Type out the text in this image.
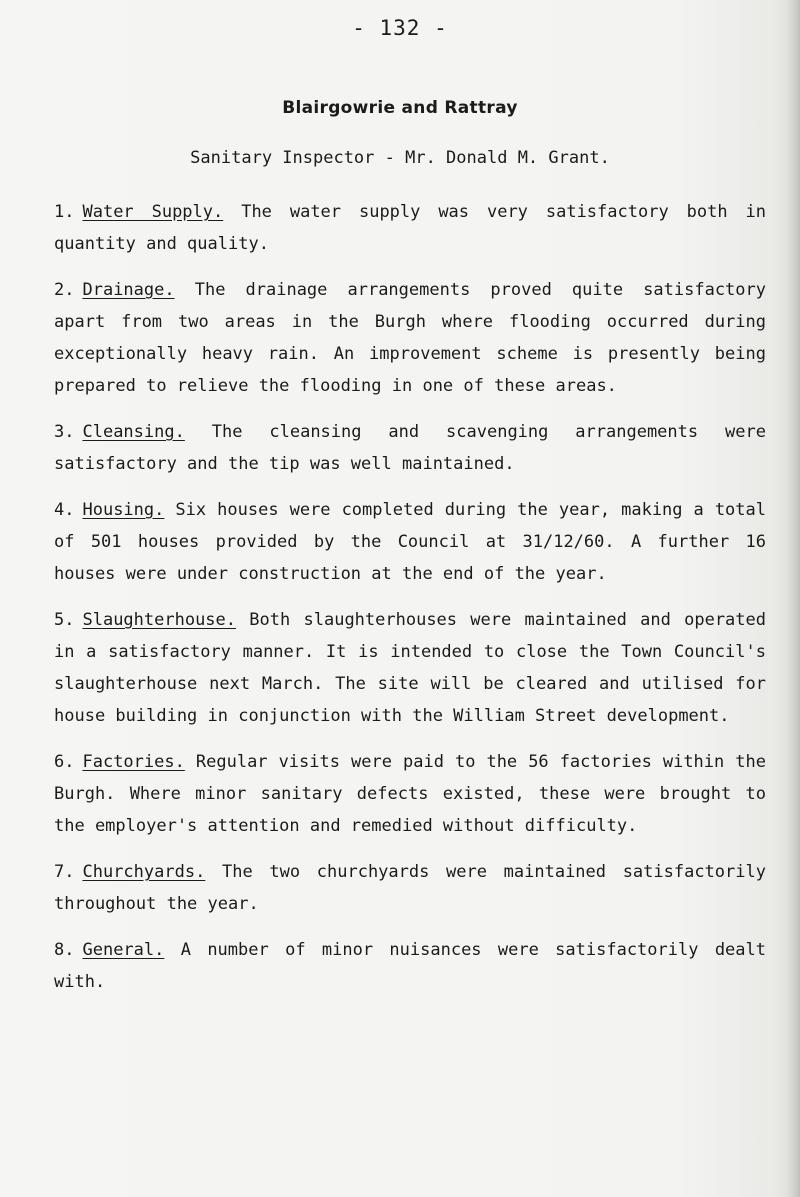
- 132 -
Blairgowrie and Rattray
Sanitary Inspector - Mr. Donald M. Grant.

1. Water Supply. The water supply was very satisfactory both in quantity and quality.

2. Drainage. The drainage arrangements proved quite satisfactory apart from two areas in the Burgh where flooding occurred during exceptionally heavy rain. An improvement scheme is presently being prepared to relieve the flooding in one of these areas.

3. Cleansing. The cleansing and scavenging arrangements were satisfactory and the tip was well maintained.

4. Housing. Six houses were completed during the year, making a total of 501 houses provided by the Council at 31/12/60. A further 16 houses were under construction at the end of the year.

5. Slaughterhouse. Both slaughterhouses were maintained and operated in a satisfactory manner. It is intended to close the Town Council's slaughterhouse next March. The site will be cleared and utilised for house building in conjunction with the William Street development.

6. Factories. Regular visits were paid to the 56 factories within the Burgh. Where minor sanitary defects existed, these were brought to the employer's attention and remedied without difficulty.

7. Churchyards. The two churchyards were maintained satisfactorily throughout the year.

8. General. A number of minor nuisances were satisfactorily dealt with.
